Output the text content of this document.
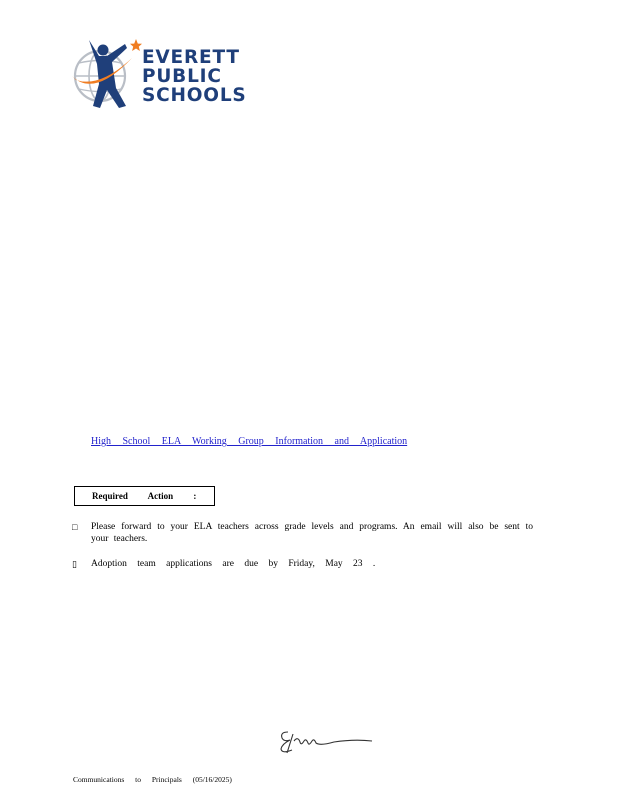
EVERETT
PUBLIC
SCHOOLS
High School ELA Working Group Information and Application
Required Action :
□ Please forward to your ELA teachers across grade levels and programs. An email will also be sent to your teachers.
▯ Adoption team applications are due by Friday, May 23 .
Communications to Principals (05/16/2025)
